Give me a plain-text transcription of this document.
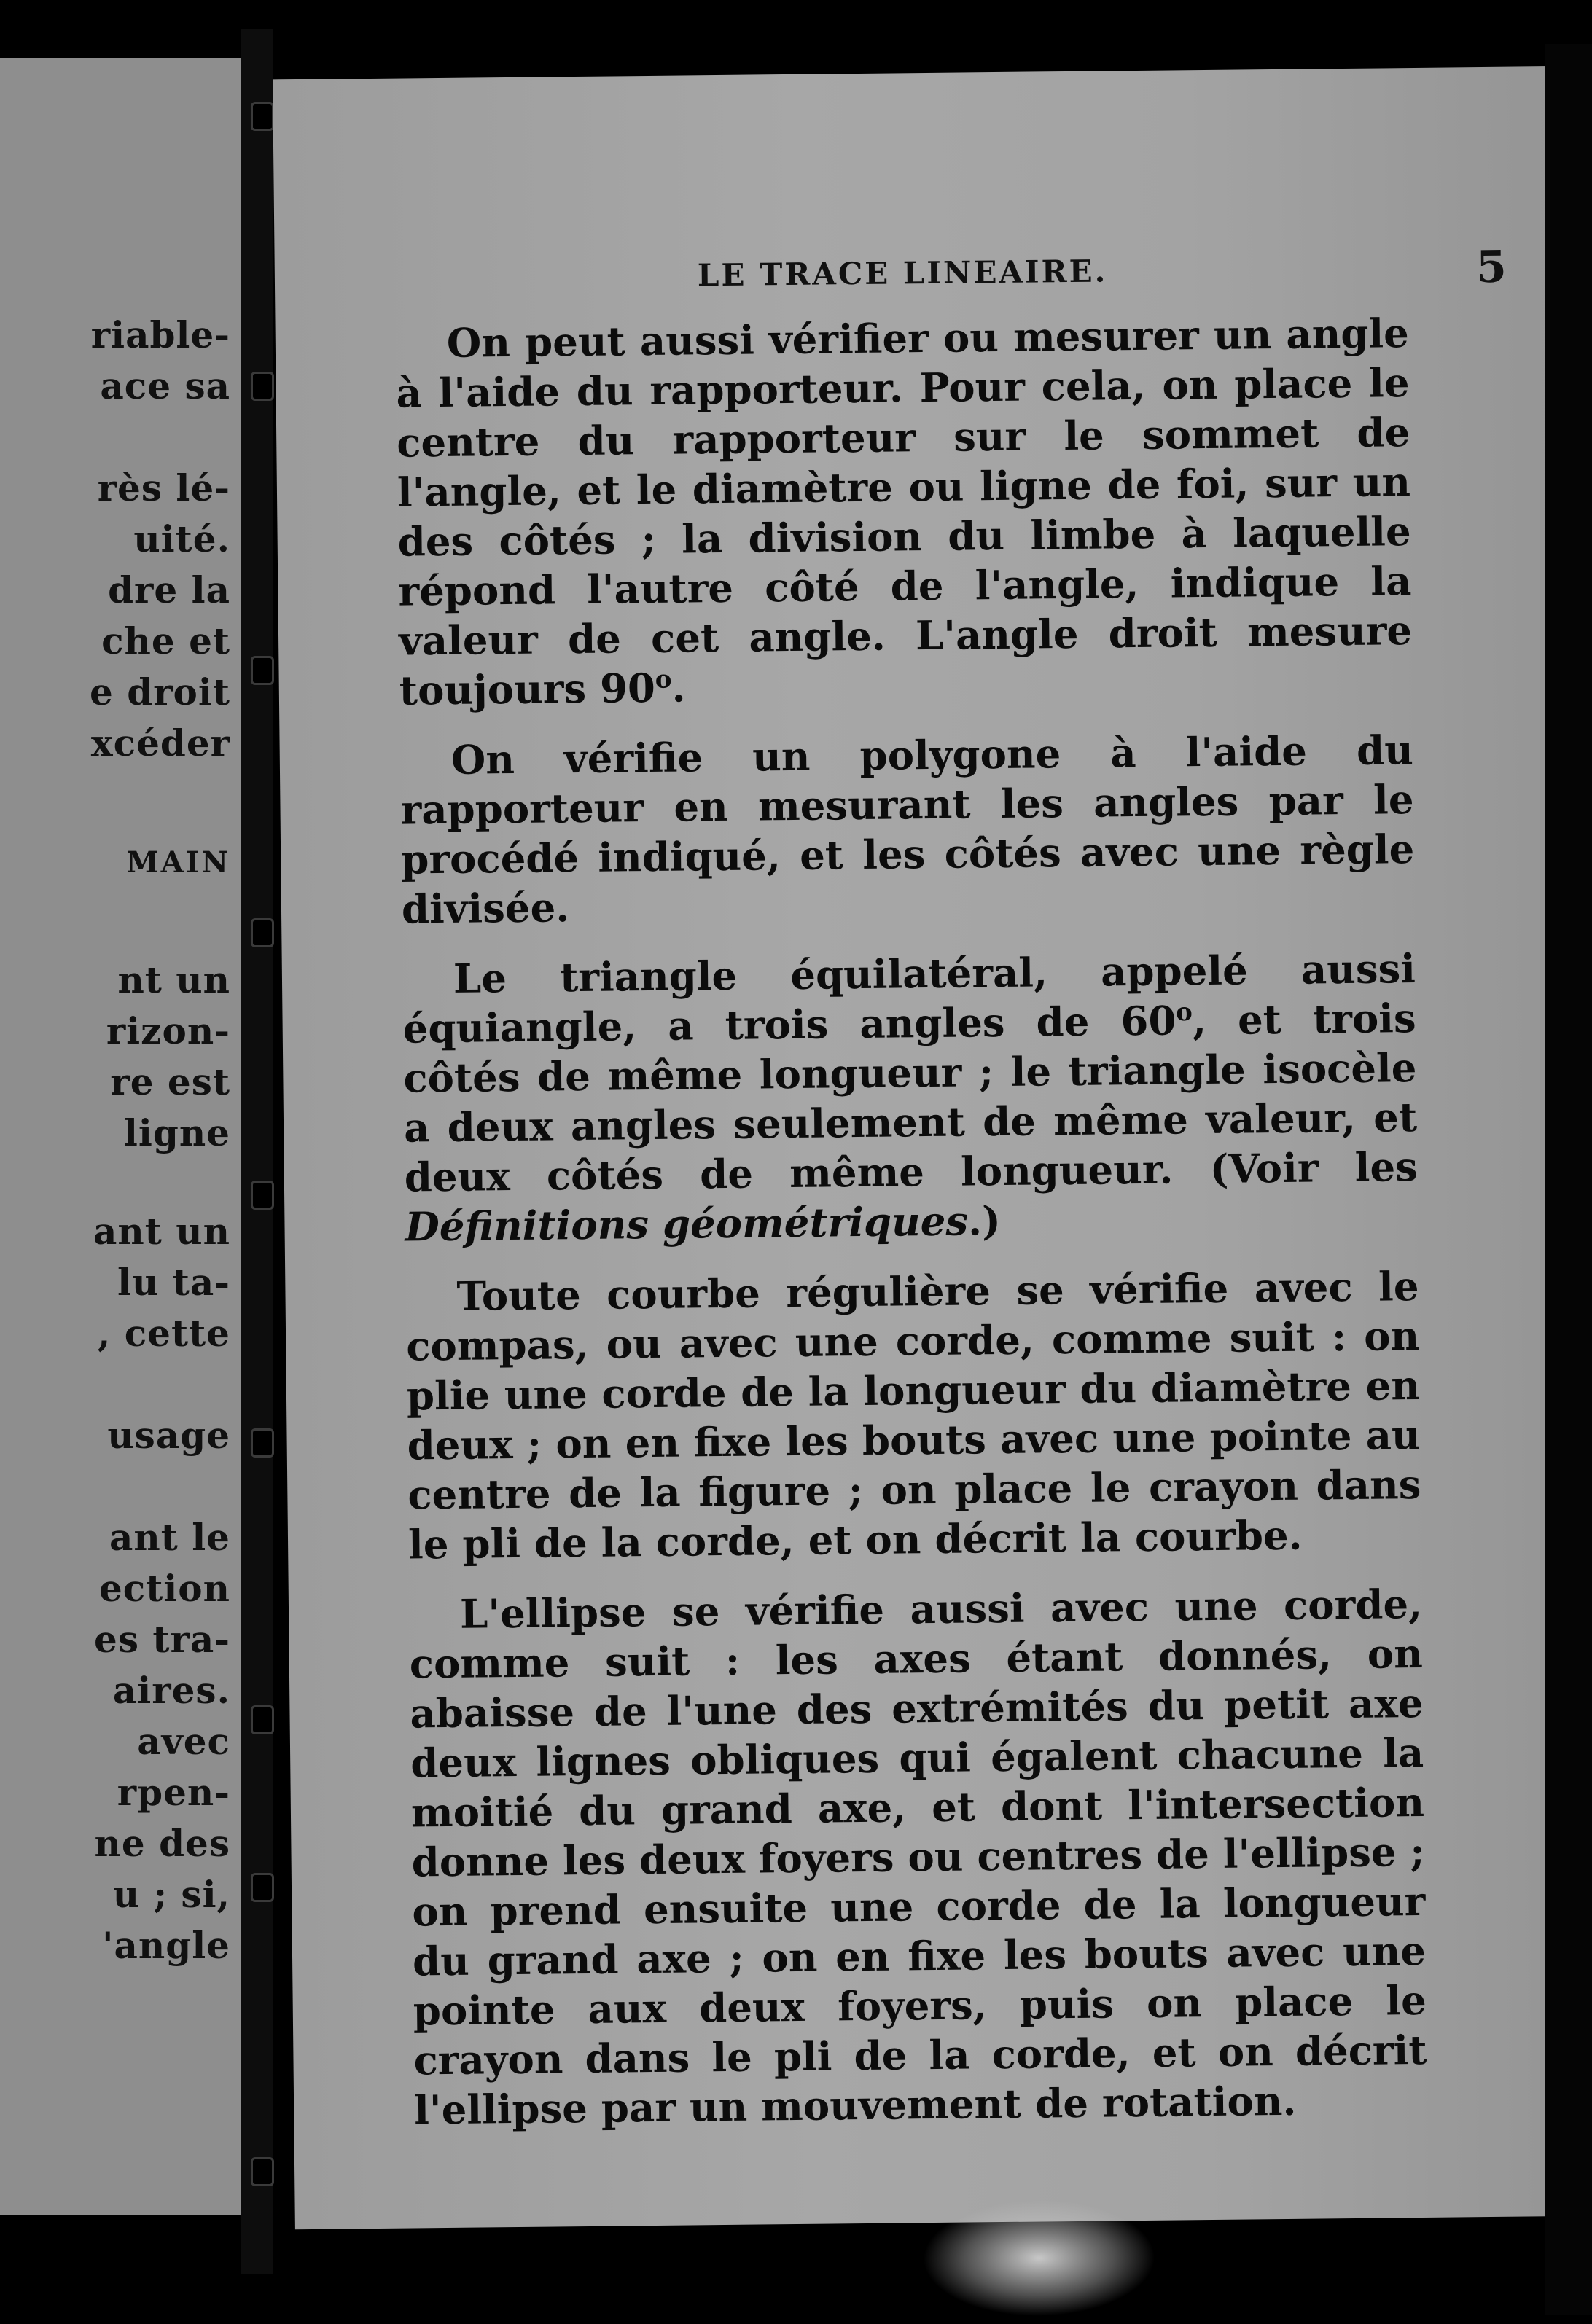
riable-
ace sa
rès lé-
uité.
dre la
che et
e droit
xcéder
MAIN
nt un
rizon-
re est
ligne
ant un
lu ta-
, cette
usage
ant le
ection
es tra-
aires.
avec
rpen-
ne des
u ; si,
'angle
LE TRACE LINEAIRE.	5

On peut aussi vérifier ou mesurer un angle à l'aide du rapporteur. Pour cela, on place le centre du rapporteur sur le sommet de l'angle, et le diamètre ou ligne de foi, sur un des côtés ; la division du limbe à laquelle répond l'autre côté de l'angle, indique la valeur de cet angle. L'angle droit mesure toujours 90$^o$.

On vérifie un polygone à l'aide du rapporteur en mesurant les angles par le procédé indiqué, et les côtés avec une règle divisée.

Le triangle équilatéral, appelé aussi équiangle, a trois angles de 60$^o$, et trois côtés de même longueur ; le triangle isocèle a deux angles seulement de même valeur, et deux côtés de même longueur. (Voir les Définitions géométriques.)

Toute courbe régulière se vérifie avec le compas, ou avec une corde, comme suit : on plie une corde de la longueur du diamètre en deux ; on en fixe les bouts avec une pointe au centre de la figure ; on place le crayon dans le pli de la corde, et on décrit la courbe.

L'ellipse se vérifie aussi avec une corde, comme suit : les axes étant donnés, on abaisse de l'une des extrémités du petit axe deux lignes obliques qui égalent chacune la moitié du grand axe, et dont l'intersection donne les deux foyers ou centres de l'ellipse ; on prend ensuite une corde de la longueur du grand axe ; on en fixe les bouts avec une pointe aux deux foyers, puis on place le crayon dans le pli de la corde, et on décrit l'ellipse par un mouvement de rotation.
